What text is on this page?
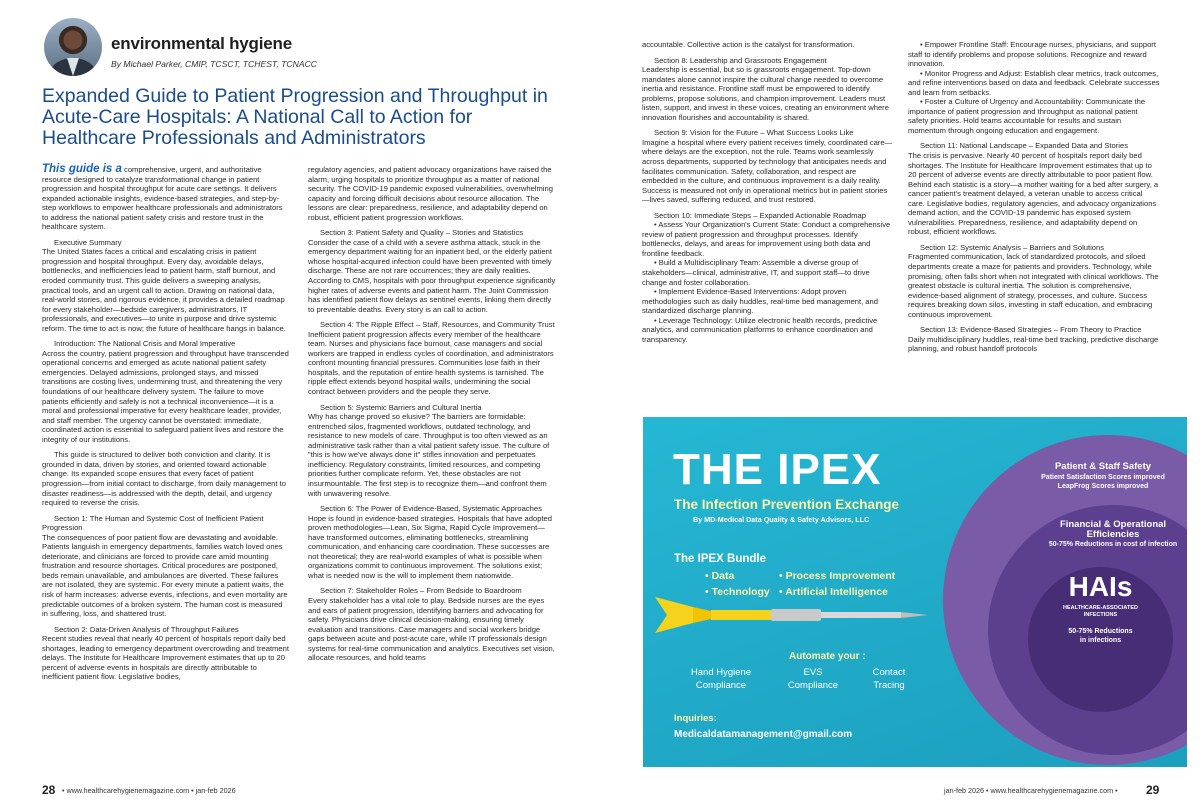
environmental hygiene
By Michael Parker, CMIP, TCSCT, TCHEST, TCNACC
Expanded Guide to Patient Progression and Throughput in Acute-Care Hospitals: A National Call to Action for Healthcare Professionals and Administrators

This guide is a comprehensive, urgent, and authoritative resource designed to catalyze transformational change in patient progression and hospital throughput for acute care settings. It delivers expanded actionable insights, evidence-based strategies, and step-by-step workflows to empower healthcare professionals and administrators to address the national patient safety crisis and restore trust in the healthcare system.

Executive Summary

The United States faces a critical and escalating crisis in patient progression and hospital throughput. Every day, avoidable delays, bottlenecks, and inefficiencies lead to patient harm, staff burnout, and eroded community trust. This guide delivers a sweeping analysis, practical tools, and an urgent call to action. Drawing on national data, real-world stories, and rigorous evidence, it provides a detailed roadmap for every stakeholder—bedside caregivers, administrators, IT professionals, and executives—to unite in purpose and drive systemic reform. The time to act is now; the future of healthcare hangs in balance.

Introduction: The National Crisis and Moral Imperative

Across the country, patient progression and throughput have transcended operational concerns and emerged as acute national patient safety emergencies. Delayed admissions, prolonged stays, and missed transitions are costing lives, undermining trust, and threatening the very foundations of our healthcare delivery system. The failure to move patients efficiently and safely is not a technical inconvenience—it is a moral and professional imperative for every healthcare leader, provider, and staff member. The urgency cannot be overstated: immediate, coordinated action is essential to safeguard patient lives and restore the integrity of our institutions.

This guide is structured to deliver both conviction and clarity. It is grounded in data, driven by stories, and oriented toward actionable change. Its expanded scope ensures that every facet of patient progression—from initial contact to discharge, from daily management to disaster readiness—is addressed with the depth, detail, and urgency required to reverse the crisis.

Section 1: The Human and Systemic Cost of Inefficient Patient Progression

The consequences of poor patient flow are devastating and avoidable. Patients languish in emergency departments, families watch loved ones deteriorate, and clinicians are forced to provide care amid mounting frustration and resource shortages. Critical procedures are postponed, beds remain unavailable, and ambulances are diverted. These failures are not isolated, they are systemic. For every minute a patient waits, the risk of harm increases: adverse events, infections, and even mortality are predictable outcomes of a broken system. The human cost is measured in suffering, loss, and shattered trust.

Section 2: Data-Driven Analysis of Throughput Failures

Recent studies reveal that nearly 40 percent of hospitals report daily bed shortages, leading to emergency department overcrowding and treatment delays. The Institute for Healthcare Improvement estimates that up to 20 percent of adverse events in hospitals are directly attributable to inefficient patient flow. Legislative bodies,

regulatory agencies, and patient advocacy organizations have raised the alarm, urging hospitals to prioritize throughput as a matter of national security. The COVID-19 pandemic exposed vulnerabilities, overwhelming capacity and forcing difficult decisions about resource allocation. The lessons are clear: preparedness, resilience, and adaptability depend on robust, efficient patient progression workflows.

Section 3: Patient Safety and Quality – Stories and Statistics

Consider the case of a child with a severe asthma attack, stuck in the emergency department waiting for an inpatient bed, or the elderly patient whose hospital-acquired infection could have been prevented with timely discharge. These are not rare occurrences; they are daily realities. According to CMS, hospitals with poor throughput experience significantly higher rates of adverse events and patient harm. The Joint Commission has identified patient flow delays as sentinel events, linking them directly to preventable deaths. Every story is an call to action.

Section 4: The Ripple Effect – Staff, Resources, and Community Trust

Inefficient patient progression affects every member of the healthcare team. Nurses and physicians face burnout, case managers and social workers are trapped in endless cycles of coordination, and administrators confront mounting financial pressures. Communities lose faith in their hospitals, and the reputation of entire health systems is tarnished. The ripple effect extends beyond hospital walls, undermining the social contract between providers and the people they serve.

Section 5: Systemic Barriers and Cultural Inertia

Why has change proved so elusive? The barriers are formidable: entrenched silos, fragmented workflows, outdated technology, and resistance to new models of care. Throughput is too often viewed as an administrative task rather than a vital patient safety issue. The culture of "this is how we've always done it" stifles innovation and perpetuates inefficiency. Regulatory constraints, limited resources, and competing priorities further complicate reform. Yet, these obstacles are not insurmountable. The first step is to recognize them—and confront them with unwavering resolve.

Section 6: The Power of Evidence-Based, Systematic Approaches

Hope is found in evidence-based strategies. Hospitals that have adopted proven methodologies—Lean, Six Sigma, Rapid Cycle Improvement—have transformed outcomes, eliminating bottlenecks, streamlining communication, and enhancing care coordination. These successes are not theoretical; they are real-world examples of what is possible when organizations commit to continuous improvement. The solutions exist; what is needed now is the will to implement them nationwide.

Section 7: Stakeholder Roles – From Bedside to Boardroom

Every stakeholder has a vital role to play. Bedside nurses are the eyes and ears of patient progression, identifying barriers and advocating for safety. Physicians drive clinical decision-making, ensuring timely evaluation and transitions. Case managers and social workers bridge gaps between acute and post-acute care, while IT professionals design systems for real-time communication and analytics. Executives set vision, allocate resources, and hold teams

accountable. Collective action is the catalyst for transformation.

Section 8: Leadership and Grassroots Engagement

Leadership is essential, but so is grassroots engagement. Top-down mandates alone cannot inspire the cultural change needed to overcome inertia and resistance. Frontline staff must be empowered to identify problems, propose solutions, and champion improvement. Leaders must listen, support, and invest in these voices, creating an environment where innovation flourishes and accountability is shared.

Section 9: Vision for the Future – What Success Looks Like

Imagine a hospital where every patient receives timely, coordinated care—where delays are the exception, not the rule. Teams work seamlessly across departments, supported by technology that anticipates needs and facilitates communication. Safety, collaboration, and respect are embedded in the culture, and continuous improvement is a daily reality. Success is measured not only in operational metrics but in patient stories—lives saved, suffering reduced, and trust restored.

Section 10: Immediate Steps – Expanded Actionable Roadmap

• Assess Your Organization's Current State: Conduct a comprehensive review of patient progression and throughput processes. Identify bottlenecks, delays, and areas for improvement using both data and frontline feedback.

• Build a Multidisciplinary Team: Assemble a diverse group of stakeholders—clinical, administrative, IT, and support staff—to drive change and foster collaboration.

• Implement Evidence-Based Interventions: Adopt proven methodologies such as daily huddles, real-time bed management, and standardized discharge planning.

• Leverage Technology: Utilize electronic health records, predictive analytics, and communication platforms to enhance coordination and transparency.

• Empower Frontline Staff: Encourage nurses, physicians, and support staff to identify problems and propose solutions. Recognize and reward innovation.

• Monitor Progress and Adjust: Establish clear metrics, track outcomes, and refine interventions based on data and feedback. Celebrate successes and learn from setbacks.

• Foster a Culture of Urgency and Accountability: Communicate the importance of patient progression and throughput as national patient safety priorities. Hold teams accountable for results and sustain momentum through ongoing education and engagement.

Section 11: National Landscape – Expanded Data and Stories

The crisis is pervasive. Nearly 40 percent of hospitals report daily bed shortages. The Institute for Healthcare Improvement estimates that up to 20 percent of adverse events are directly attributable to poor patient flow. Behind each statistic is a story—a mother waiting for a bed after surgery, a cancer patient's treatment delayed, a veteran unable to access critical care. Legislative bodies, regulatory agencies, and advocacy organizations demand action, and the COVID-19 pandemic has exposed system vulnerabilities. Preparedness, resilience, and adaptability depend on robust, efficient workflows.

Section 12: Systemic Analysis – Barriers and Solutions

Fragmented communication, lack of standardized protocols, and siloed departments create a maze for patients and providers. Technology, while promising, often falls short when not integrated with clinical workflows. The greatest obstacle is cultural inertia. The solution is comprehensive, evidence-based alignment of strategy, processes, and culture. Success requires breaking down silos, investing in staff education, and embracing continuous improvement.

Section 13: Evidence-Based Strategies – From Theory to Practice

Daily multidisciplinary huddles, real-time bed tracking, predictive discharge planning, and robust handoff protocols

Patient & Staff Safety
Patient Satisfaction Scores improved
LeapFrog Scores improved
Financial & Operational
Efficiencies
50-75% Reductions in cost of infection
HAIs
HEALTHCARE-ASSOCIATED
INFECTIONS
50-75% Reductions
in infections
THE IPEX
The Infection Prevention Exchange
By MD-Medical Data Quality & Safety Advisors, LLC
The IPEX Bundle
• Data	• Process Improvement
• Technology • Artificial Intelligence
Automate your :
Hand Hygiene
Compliance
EVS
Compliance
Contact
Tracing
Inquiries:
Medicaldatamanagement@gmail.com
28 • www.healthcarehygienemagazine.com • jan-feb 2026	jan-feb 2026 • www.healthcarehygienemagazine.com • 29
